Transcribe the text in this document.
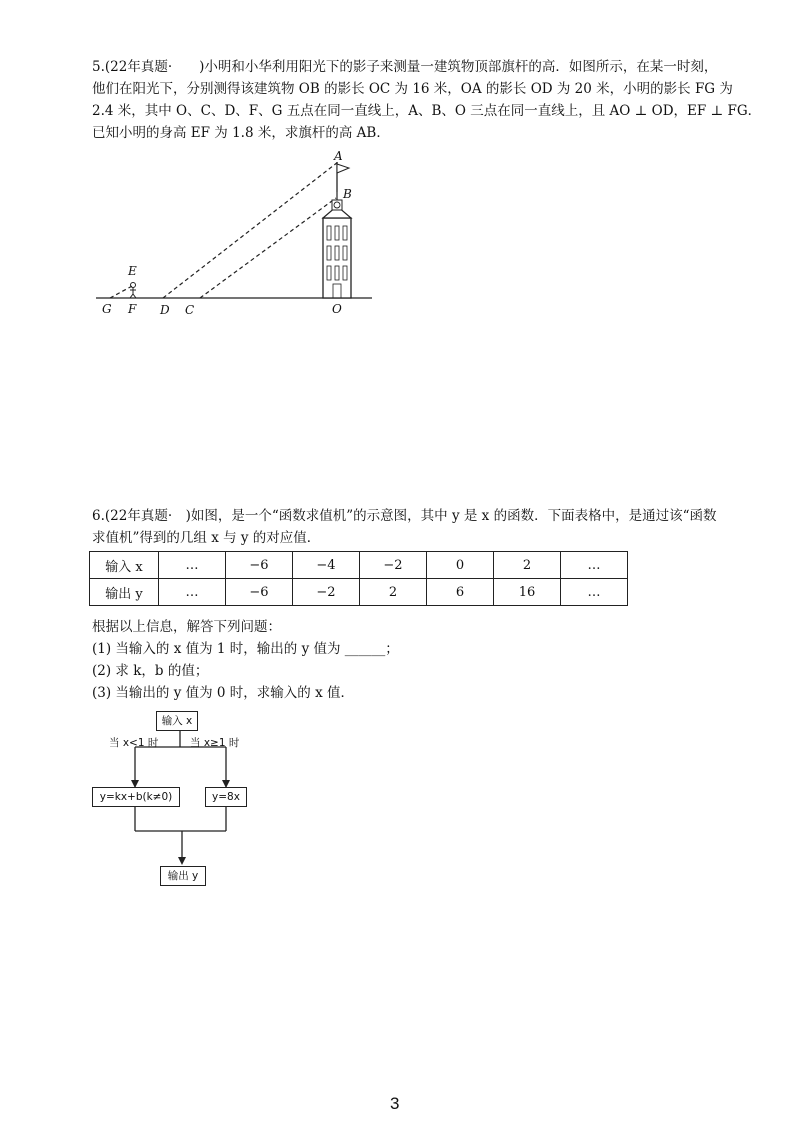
5.(22年真题·　　)小明和小华利用阳光下的影子来测量一建筑物顶部旗杆的高．如图所示，在某一时刻，
他们在阳光下，分别测得该建筑物 OB 的影长 OC 为 16 米，OA 的影长 OD 为 20 米，小明的影长 FG 为
2.4 米，其中 O、C、D、F、G 五点在同一直线上，A、B、O 三点在同一直线上，且 AO ⊥ OD，EF ⊥ FG．
已知小明的身高 EF 为 1.8 米，求旗杆的高 AB．
A
B
E
G F D C	O
6.(22年真题·　)如图，是一个“函数求值机”的示意图，其中 y 是 x 的函数．下面表格中，是通过该“函数
求值机”得到的几组 x 与 y 的对应值．
输入 x	…	−6	−4	−2	0	2	…
输出 y	…	−6	−2	2	6	16	…
根据以上信息，解答下列问题：
(1) 当输入的 x 值为 1 时，输出的 y 值为 ______；
(2) 求 k，b 的值；
(3) 当输出的 y 值为 0 时，求输入的 x 值．
输入 x
当 x<1 时	当 x≥1 时
y=kx+b(k≠0)	y=8x
输出 y
3
